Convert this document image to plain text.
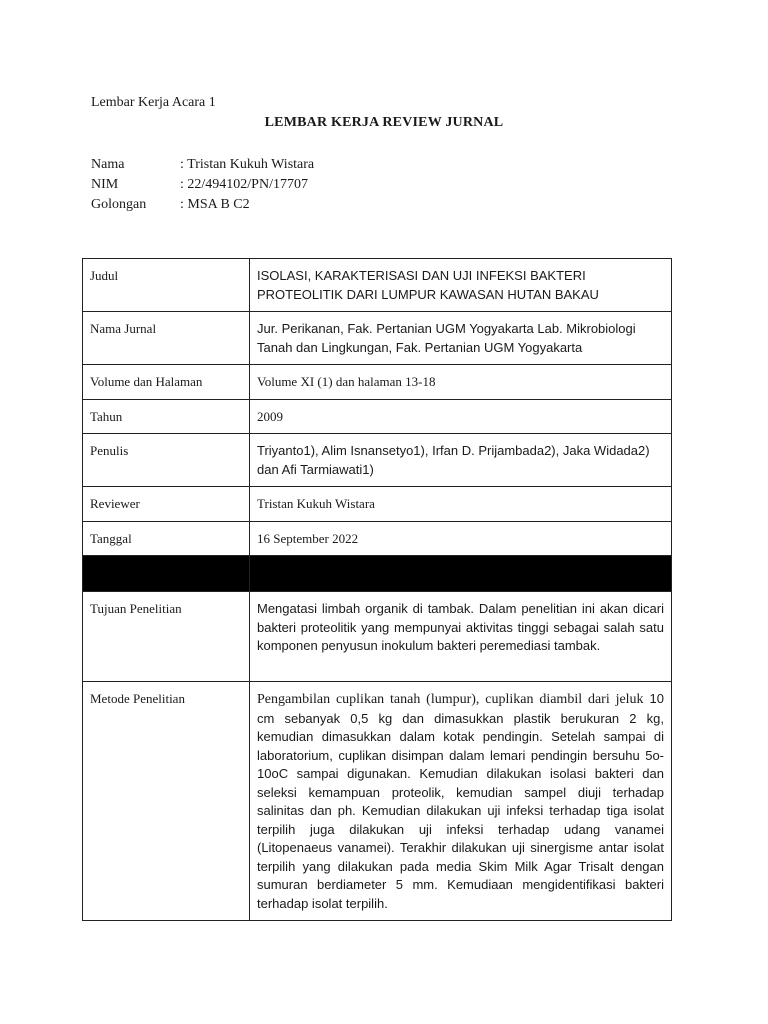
Lembar Kerja Acara 1
LEMBAR KERJA REVIEW JURNAL
Nama	: Tristan Kukuh Wistara
NIM	: 22/494102/PN/17707
Golongan	: MSA B C2
Judul	ISOLASI, KARAKTERISASI DAN UJI INFEKSI BAKTERI PROTEOLITIK DARI LUMPUR KAWASAN HUTAN BAKAU
Nama Jurnal	Jur. Perikanan, Fak. Pertanian UGM Yogyakarta Lab. Mikrobiologi Tanah dan Lingkungan, Fak. Pertanian UGM Yogyakarta
Volume dan Halaman	Volume XI (1) dan halaman 13-18
Tahun	2009
Penulis	Triyanto1), Alim Isnansetyo1), Irfan D. Prijambada2), Jaka Widada2) dan Afi Tarmiawati1)
Reviewer	Tristan Kukuh Wistara
Tanggal	16 September 2022

Tujuan Penelitian	Mengatasi limbah organik di tambak. Dalam penelitian ini akan dicari bakteri proteolitik yang mempunyai aktivitas tinggi sebagai salah satu komponen penyusun inokulum bakteri peremediasi tambak.
Metode Penelitian	Pengambilan cuplikan tanah (lumpur), cuplikan diambil dari jeluk 10 cm sebanyak 0,5 kg dan dimasukkan plastik berukuran 2 kg, kemudian dimasukkan dalam kotak pendingin. Setelah sampai di laboratorium, cuplikan disimpan dalam lemari pendingin bersuhu 5o-10oC sampai digunakan. Kemudian dilakukan isolasi bakteri dan seleksi kemampuan proteolik, kemudian sampel diuji terhadap salinitas dan ph. Kemudian dilakukan uji infeksi terhadap tiga isolat terpilih juga dilakukan uji infeksi terhadap udang vanamei (Litopenaeus vanamei). Terakhir dilakukan uji sinergisme antar isolat terpilih yang dilakukan pada media Skim Milk Agar Trisalt dengan sumuran berdiameter 5 mm. Kemudiaan mengidentifikasi bakteri terhadap isolat terpilih.
